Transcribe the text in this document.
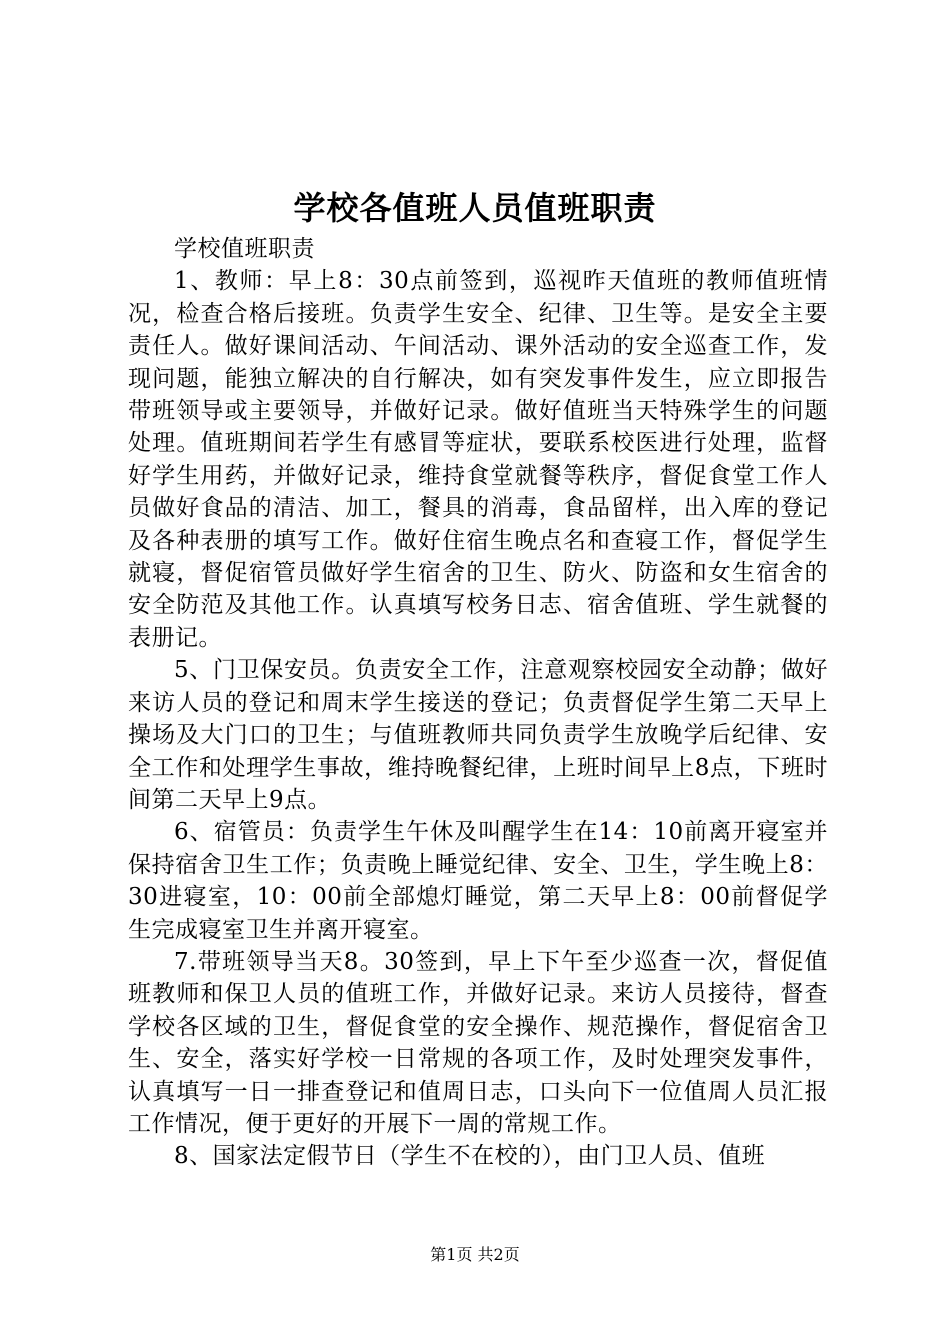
学校各值班人员值班职责

学校值班职责

1、教师：早上8：30点前签到，巡视昨天值班的教师值班情况，检查合格后接班。负责学生安全、纪律、卫生等。是安全主要责任人。做好课间活动、午间活动、课外活动的安全巡查工作，发现问题，能独立解决的自行解决，如有突发事件发生，应立即报告带班领导或主要领导，并做好记录。做好值班当天特殊学生的问题处理。值班期间若学生有感冒等症状，要联系校医进行处理，监督好学生用药，并做好记录，维持食堂就餐等秩序，督促食堂工作人员做好食品的清洁、加工，餐具的消毒，食品留样，出入库的登记及各种表册的填写工作。做好住宿生晚点名和查寝工作，督促学生就寝，督促宿管员做好学生宿舍的卫生、防火、防盗和女生宿舍的安全防范及其他工作。认真填写校务日志、宿舍值班、学生就餐的表册记。

5、门卫保安员。负责安全工作，注意观察校园安全动静；做好来访人员的登记和周末学生接送的登记；负责督促学生第二天早上操场及大门口的卫生；与值班教师共同负责学生放晚学后纪律、安全工作和处理学生事故，维持晚餐纪律，上班时间早上8点，下班时间第二天早上9点。

6、宿管员：负责学生午休及叫醒学生在14：10前离开寝室并保持宿舍卫生工作；负责晚上睡觉纪律、安全、卫生，学生晚上8：30进寝室，10：00前全部熄灯睡觉，第二天早上8：00前督促学生完成寝室卫生并离开寝室。

7.带班领导当天8。30签到，早上下午至少巡查一次，督促值班教师和保卫人员的值班工作，并做好记录。来访人员接待，督查学校各区域的卫生，督促食堂的安全操作、规范操作，督促宿舍卫生、安全，落实好学校一日常规的各项工作，及时处理突发事件，认真填写一日一排查登记和值周日志，口头向下一位值周人员汇报工作情况，便于更好的开展下一周的常规工作。

8、国家法定假节日（学生不在校的），由门卫人员、值班

第1页 共2页
